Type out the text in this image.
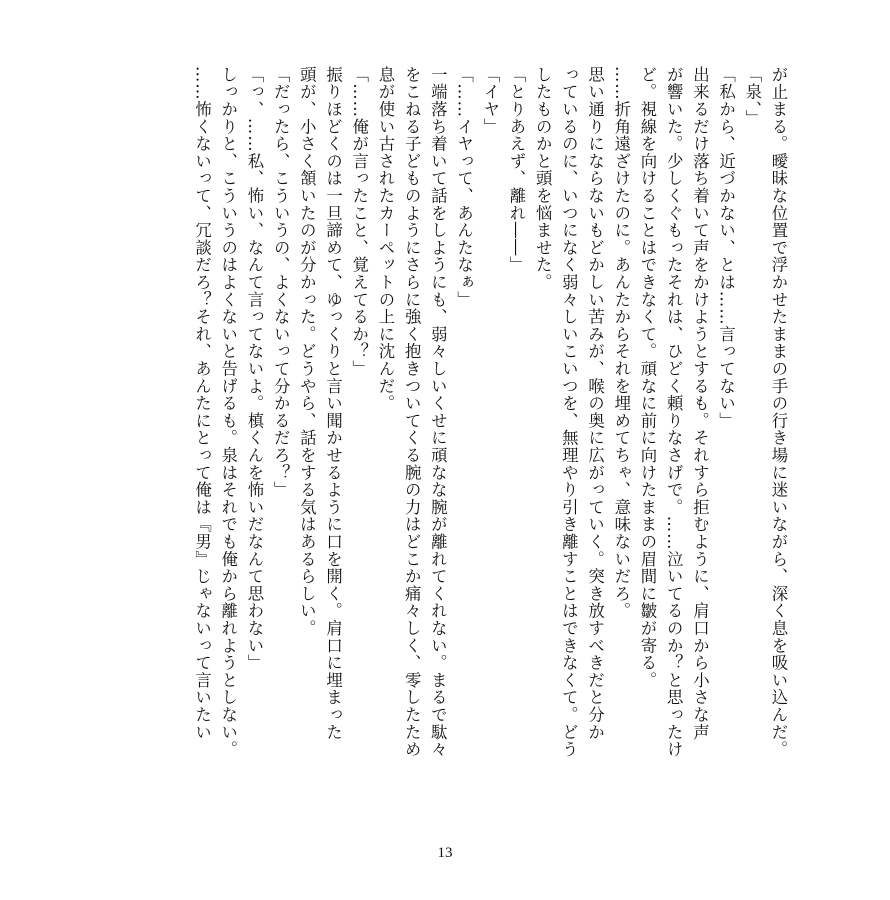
が止まる。曖昧な位置で浮かせたままの手の行き場に迷いながら、深く息を吸い込んだ。

「泉、」

「私から、近づかない、とは……言ってない」

出来るだけ落ち着いて声をかけようとするも。それすら拒むように、肩口から小さな声

が響いた。少しくぐもったそれは、ひどく頼りなさげで。……泣いてるのか？と思ったけ

ど。視線を向けることはできなくて。頑なに前に向けたままの眉間に皺が寄る。

……折角遠ざけたのに。あんたからそれを埋めてちゃ、意味ないだろ。

思い通りにならないもどかしい苦みが、喉の奥に広がっていく。突き放すべきだと分か

っているのに、いつになく弱々しいこいつを、無理やり引き離すことはできなくて。どう

したものかと頭を悩ませた。

「とりあえず、離れ――」

「イヤ」

「……イヤって、あんたなぁ」

一端落ち着いて話をしようにも、弱々しいくせに頑なな腕が離れてくれない。まるで駄々

をこねる子どものようにさらに強く抱きついてくる腕の力はどこか痛々しく、零したため

息が使い古されたカーペットの上に沈んだ。

「……俺が言ったこと、覚えてるか？」

振りほどくのは一旦諦めて、ゆっくりと言い聞かせるように口を開く。肩口に埋まった

頭が、小さく頷いたのが分かった。どうやら、話をする気はあるらしい。

「だったら、こういうの、よくないって分かるだろ？」

「っ、……私、怖い、なんて言ってないよ。槙くんを怖いだなんて思わない」

しっかりと、こういうのはよくないと告げるも。泉はそれでも俺から離れようとしない。

……怖くないって、冗談だろ？それ、あんたにとって俺は『男』じゃないって言いたい

13
